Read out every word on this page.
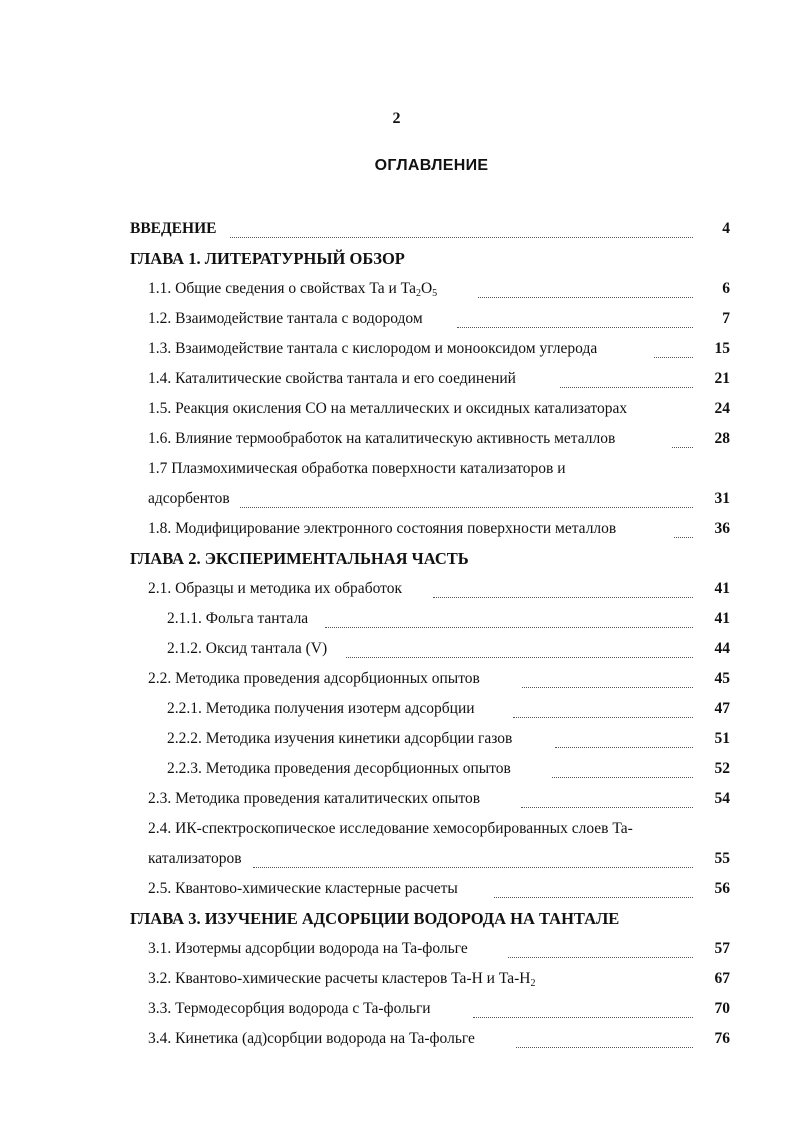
2
ОГЛАВЛЕНИЕ
ВВЕДЕНИЕ	4
ГЛАВА 1. ЛИТЕРАТУРНЫЙ ОБЗОР
1.1. Общие сведения о свойствах Ta и $Ta_2O_5$	6
1.2. Взаимодействие тантала с водородом	7
1.3. Взаимодействие тантала с кислородом и монооксидом углерода	15
1.4. Каталитические свойства тантала и его соединений	21
1.5. Реакция окисления СО на металлических и оксидных катализаторах	24
1.6. Влияние термообработок на каталитическую активность металлов	28
1.7 Плазмохимическая обработка поверхности катализаторов и
адсорбентов	31
1.8. Модифицирование электронного состояния поверхности металлов	36
ГЛАВА 2. ЭКСПЕРИМЕНТАЛЬНАЯ ЧАСТЬ
2.1. Образцы и методика их обработок	41
2.1.1. Фольга тантала	41
2.1.2. Оксид тантала (V)	44
2.2. Методика проведения адсорбционных опытов	45
2.2.1. Методика получения изотерм адсорбции	47
2.2.2. Методика изучения кинетики адсорбции газов	51
2.2.3. Методика проведения десорбционных опытов	52
2.3. Методика проведения каталитических опытов	54
2.4. ИК-спектроскопическое исследование хемосорбированных слоев Ta-
катализаторов	55
2.5. Квантово-химические кластерные расчеты	56
ГЛАВА 3. ИЗУЧЕНИЕ АДСОРБЦИИ ВОДОРОДА НА ТАНТАЛЕ
3.1. Изотермы адсорбции водорода на Ta-фольге	57
3.2. Квантово-химические расчеты кластеров Ta-H и $Ta-H_2$	67
3.3. Термодесорбция водорода с Ta-фольги	70
3.4. Кинетика (ад)сорбции водорода на Ta-фольге	76
